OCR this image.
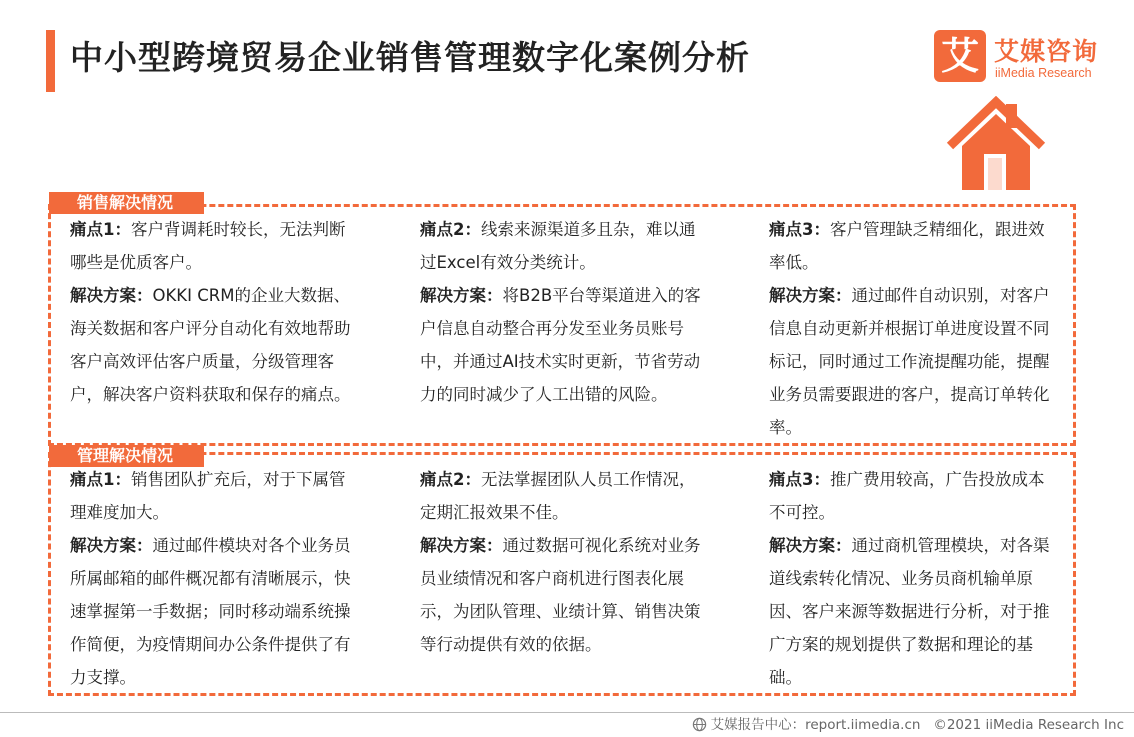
中小型跨境贸易企业销售管理数字化案例分析	艾 艾媒咨询
iiMedia Research
销售解决情况
管理解决情况

痛点1：客户背调耗时较长，无法判断哪些是优质客户。

解决方案：OKKI CRM的企业大数据、海关数据和客户评分自动化有效地帮助客户高效评估客户质量，分级管理客户，解决客户资料获取和保存的痛点。

痛点2：线索来源渠道多且杂，难以通过Excel有效分类统计。

解决方案：将B2B平台等渠道进入的客户信息自动整合再分发至业务员账号中，并通过AI技术实时更新，节省劳动力的同时减少了人工出错的风险。

痛点3：客户管理缺乏精细化，跟进效率低。

解决方案：通过邮件自动识别，对客户信息自动更新并根据订单进度设置不同标记，同时通过工作流提醒功能，提醒业务员需要跟进的客户，提高订单转化率。

痛点1：销售团队扩充后，对于下属管理难度加大。

解决方案：通过邮件模块对各个业务员所属邮箱的邮件概况都有清晰展示，快速掌握第一手数据；同时移动端系统操作简便，为疫情期间办公条件提供了有力支撑。

痛点2：无法掌握团队人员工作情况，定期汇报效果不佳。

解决方案：通过数据可视化系统对业务员业绩情况和客户商机进行图表化展示，为团队管理、业绩计算、销售决策等行动提供有效的依据。

痛点3：推广费用较高，广告投放成本不可控。

解决方案：通过商机管理模块，对各渠道线索转化情况、业务员商机输单原因、客户来源等数据进行分析，对于推广方案的规划提供了数据和理论的基础。

艾媒报告中心：report.iimedia.cn ©2021 iiMedia Research Inc
